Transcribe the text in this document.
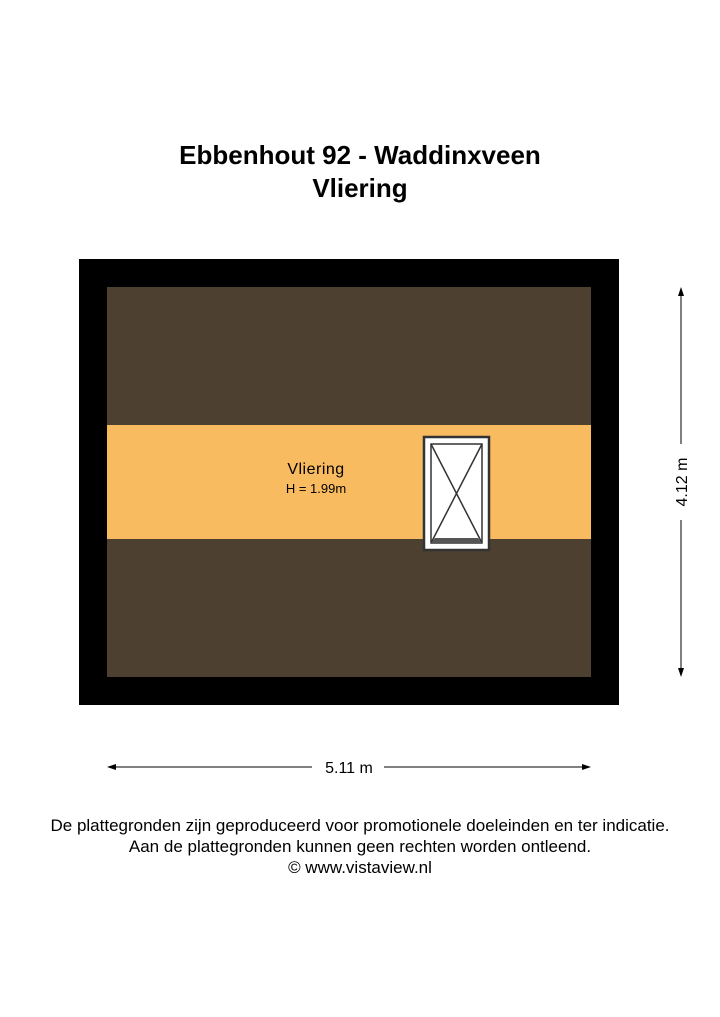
Ebbenhout 92 - Waddinxveen
Vliering
Vliering
H = 1.99m
5.11 m
4.12 m
De plattegronden zijn geproduceerd voor promotionele doeleinden en ter indicatie.
Aan de plattegronden kunnen geen rechten worden ontleend.
© www.vistaview.nl
